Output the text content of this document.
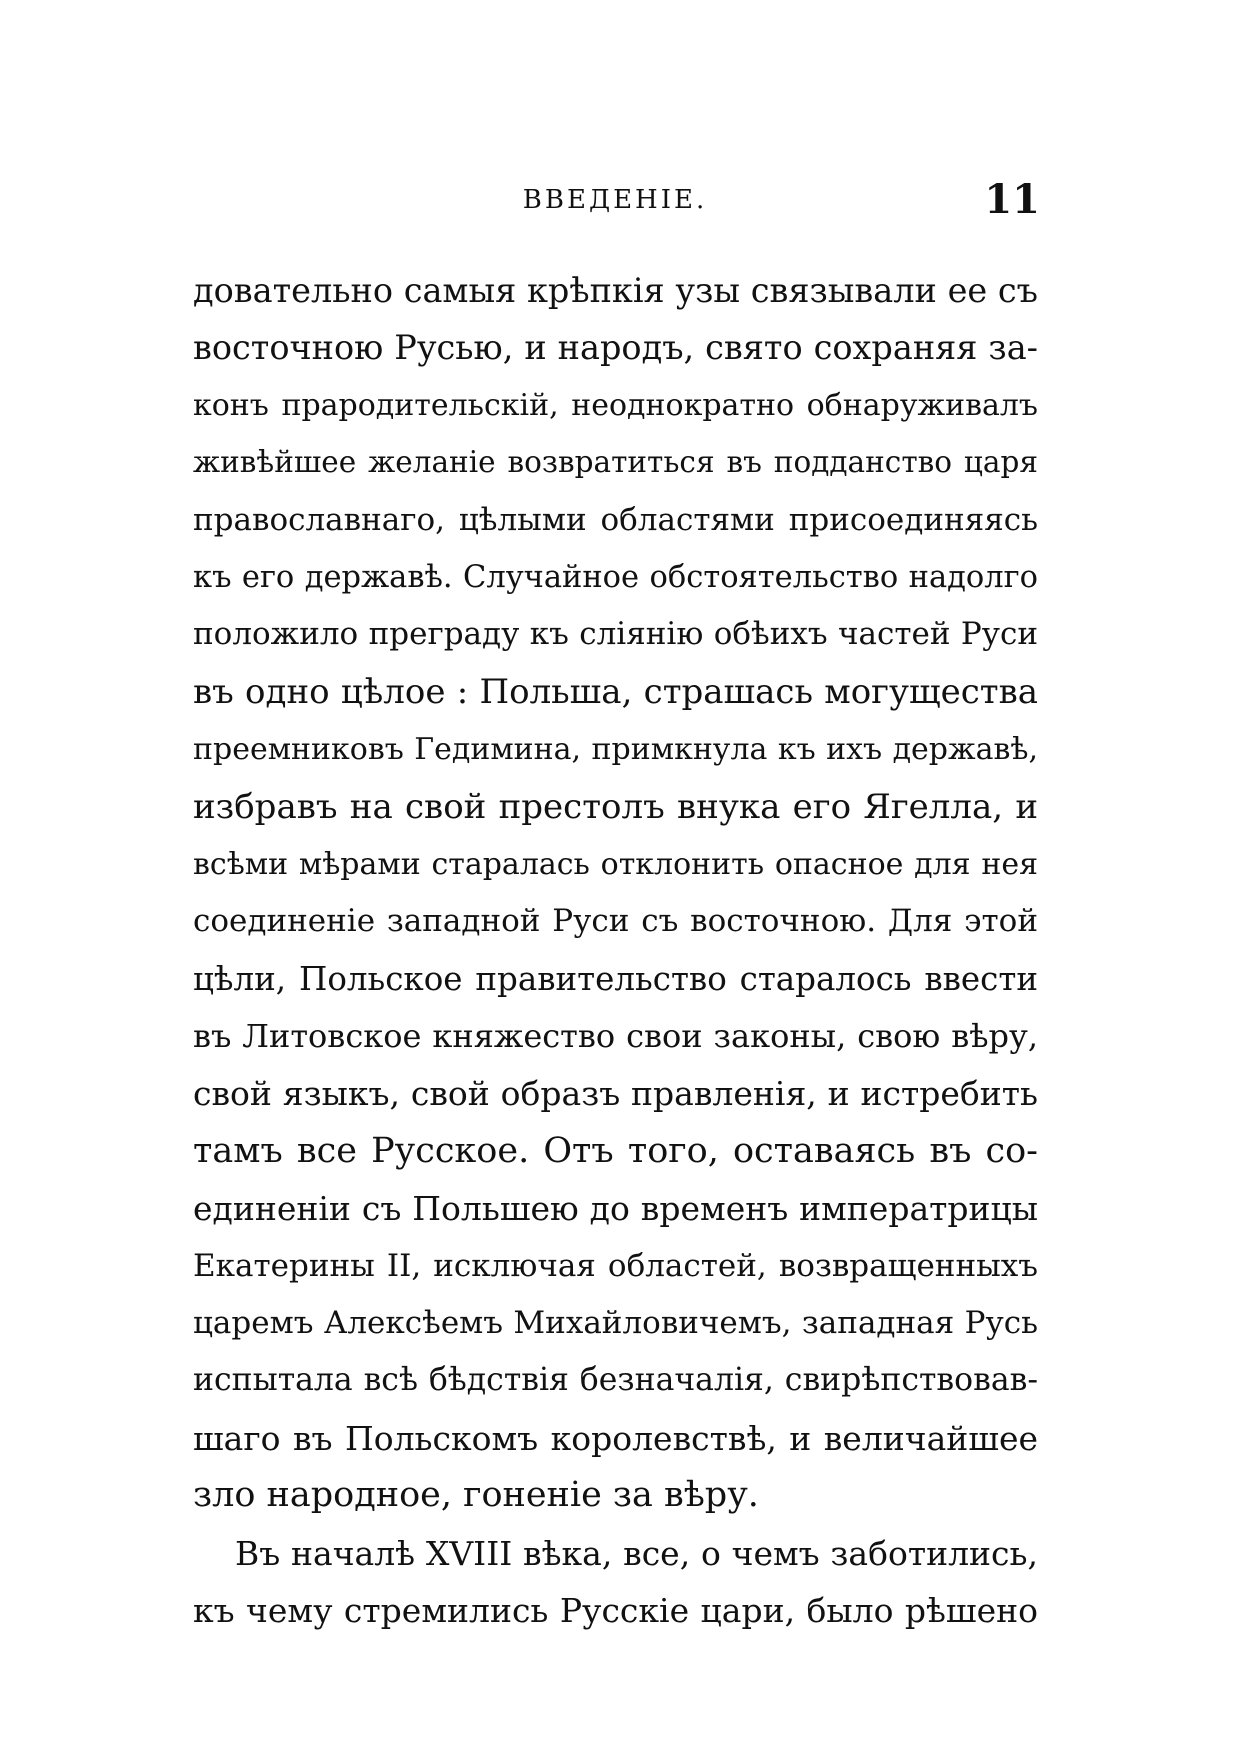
ВВЕДЕНІЕ.	11
довательно самыя крѣпкія узы связывали ее съ
восточною Русью, и народъ, свято сохраняя за-
конъ прародительскій, неоднократно обнаруживалъ
живѣйшее желаніе возвратиться въ подданство царя
православнаго, цѣлыми областями присоединяясь
къ его державѣ. Случайное обстоятельство надолго
положило преграду къ слiянiю обѣихъ частей Руси
въ одно цѣлое : Польша, страшась могущества
преемниковъ Гедимина, примкнула къ ихъ державѣ,
избравъ на свой престолъ внука его Ягелла, и
всѣми мѣрами старалась отклонить опасное для нея
соединеніе западной Руси съ восточною. Для этой
цѣли, Польское правительство старалось ввести
въ Литовское княжество свои законы, свою вѣру,
свой языкъ, свой образъ правленія, и истребить
тамъ все Русское. Отъ того, оставаясь въ со-
единеніи съ Польшею до временъ императрицы
Екатерины II, исключая областей, возвращенныхъ
царемъ Алексѣемъ Михайловичемъ, западная Русь
испытала всѣ бѣдствія безначалія, свирѣпствовав-
шаго въ Польскомъ королевствѣ, и величайшее
зло народное, гоненіе за вѣру.
Въ началѣ XVIII вѣка, все, о чемъ заботились,
къ чему стремились Русскіе цари, было рѣшено
